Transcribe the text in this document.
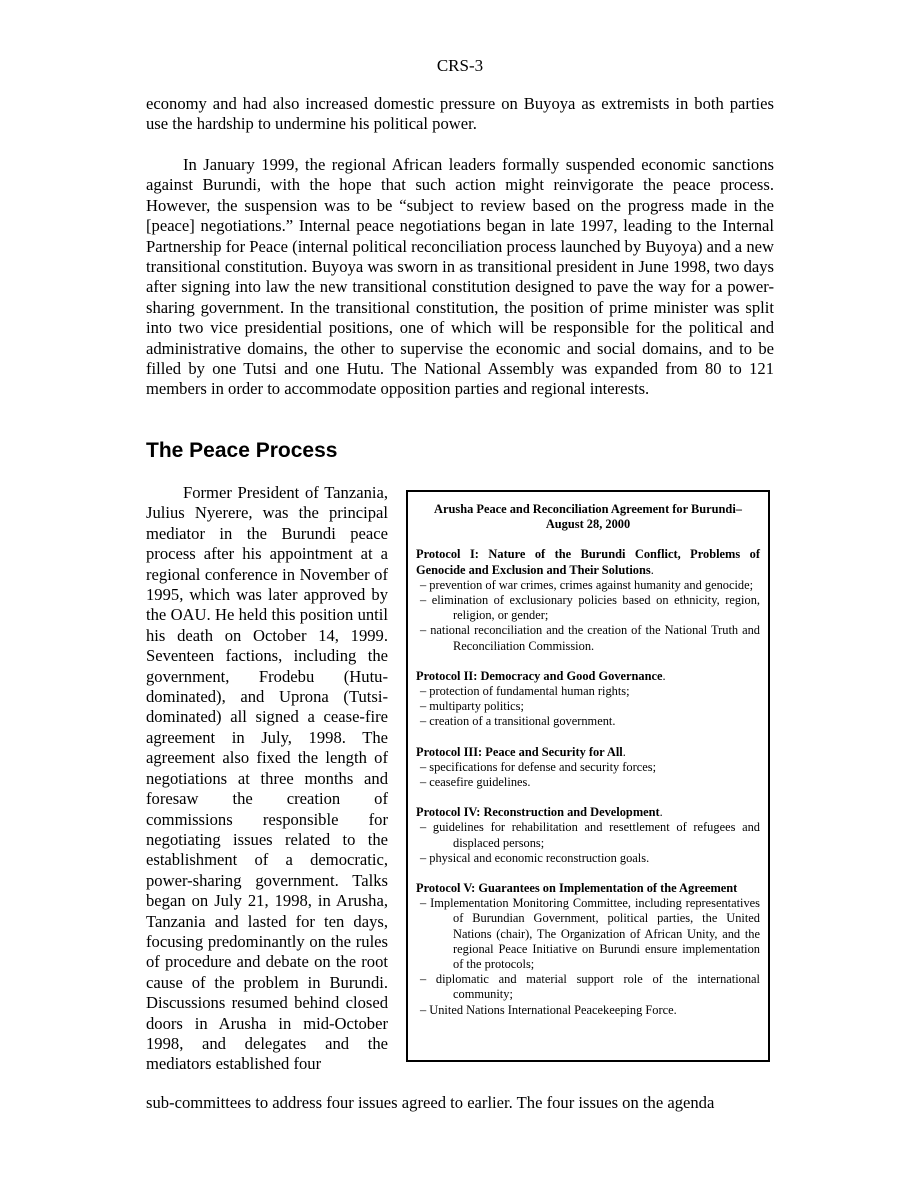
CRS-3

economy and had also increased domestic pressure on Buyoya as extremists in both parties use the hardship to undermine his political power.

In January 1999, the regional African leaders formally suspended economic sanctions against Burundi, with the hope that such action might reinvigorate the peace process. However, the suspension was to be “subject to review based on the progress made in the [peace] negotiations.” Internal peace negotiations began in late 1997, leading to the Internal Partnership for Peace (internal political reconciliation process launched by Buyoya) and a new transitional constitution. Buyoya was sworn in as transitional president in June 1998, two days after signing into law the new transitional constitution designed to pave the way for a power-sharing government. In the transitional constitution, the position of prime minister was split into two vice presidential positions, one of which will be responsible for the political and administrative domains, the other to supervise the economic and social domains, and to be filled by one Tutsi and one Hutu. The National Assembly was expanded from 80 to 121 members in order to accommodate opposition parties and regional interests.

The Peace Process

Former President of Tanzania, Julius Nyerere, was the principal mediator in the Burundi peace process after his appointment at a regional conference in November of 1995, which was later approved by the OAU. He held this position until his death on October 14, 1999. Seventeen factions, including the government, Frodebu (Hutu-dominated), and Uprona (Tutsi-dominated) all signed a cease-fire agreement in July, 1998. The agreement also fixed the length of negotiations at three months and foresaw the creation of commissions responsible for negotiating issues related to the establishment of a democratic, power-sharing government. Talks began on July 21, 1998, in Arusha, Tanzania and lasted for ten days, focusing predominantly on the rules of procedure and debate on the root cause of the problem in Burundi. Discussions resumed behind closed doors in Arusha in mid-October 1998, and delegates and the mediators established four

Arusha Peace and Reconciliation Agreement for Burundi–August 28, 2000

Protocol I: Nature of the Burundi Conflict, Problems of Genocide and Exclusion and Their Solutions.

– prevention of war crimes, crimes against humanity and genocide;
– elimination of exclusionary policies based on ethnicity, region, religion, or gender;
– national reconciliation and the creation of the National Truth and Reconciliation Commission.

Protocol II: Democracy and Good Governance.

– protection of fundamental human rights;
– multiparty politics;
– creation of a transitional government.

Protocol III: Peace and Security for All.

– specifications for defense and security forces;
– ceasefire guidelines.

Protocol IV: Reconstruction and Development.

– guidelines for rehabilitation and resettlement of refugees and displaced persons;
– physical and economic reconstruction goals.

Protocol V: Guarantees on Implementation of the Agreement

– Implementation Monitoring Committee, including representatives of Burundian Government, political parties, the United Nations (chair), The Organization of African Unity, and the regional Peace Initiative on Burundi ensure implementation of the protocols;
– diplomatic and material support role of the international community;
– United Nations International Peacekeeping Force.

sub-committees to address four issues agreed to earlier. The four issues on the agenda
